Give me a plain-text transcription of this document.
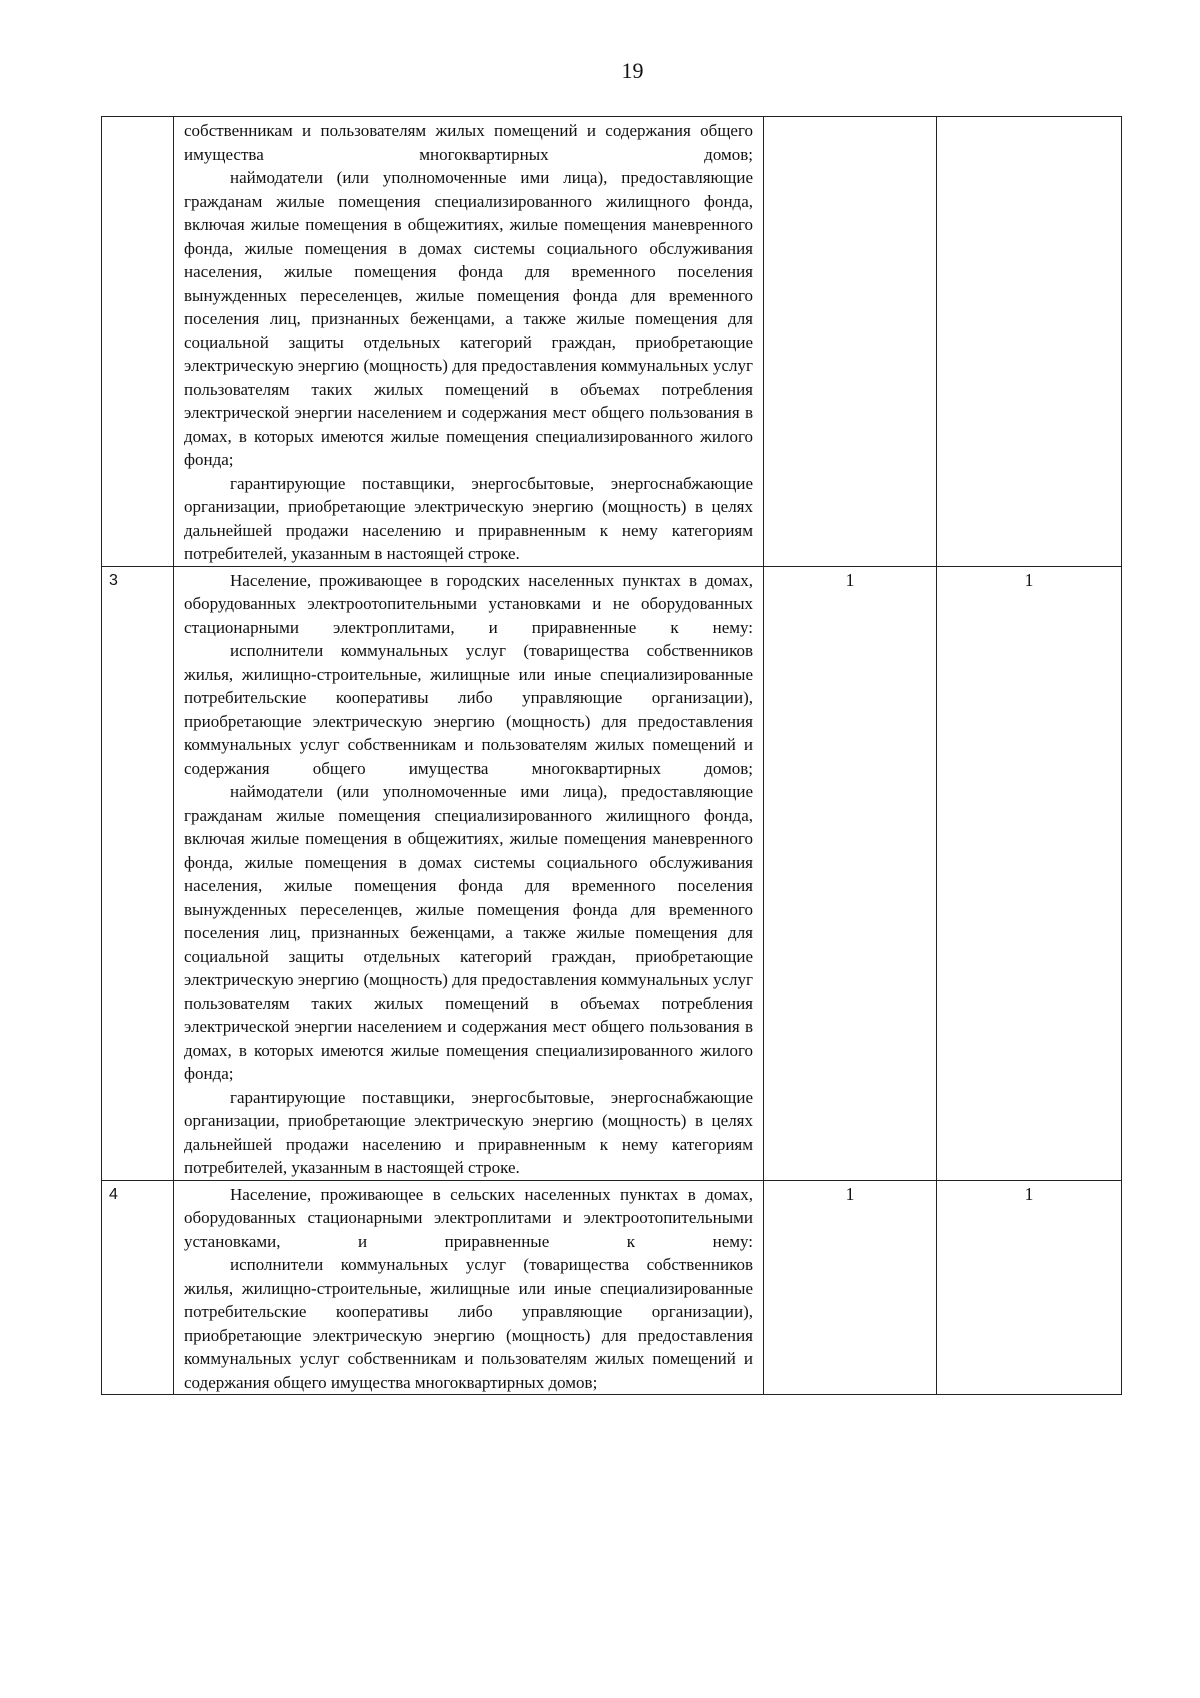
19

	собственникам и пользователям жилых помещений и содержания общего имущества многоквартирных домов;

наймодатели (или уполномоченные ими лица), предоставляющие гражданам жилые помещения специализированного жилищного фонда, включая жилые помещения в общежитиях, жилые помещения маневренного фонда, жилые помещения в домах системы социального обслуживания населения, жилые помещения фонда для временного поселения вынужденных переселенцев, жилые помещения фонда для временного поселения лиц, признанных беженцами, а также жилые помещения для социальной защиты отдельных категорий граждан, приобретающие электрическую энергию (мощность) для предоставления коммунальных услуг пользователям таких жилых помещений в объемах потребления электрической энергии населением и содержания мест общего пользования в домах, в которых имеются жилые помещения специализированного жилого фонда;

гарантирующие поставщики, энергосбытовые, энергоснабжающие организации, приобретающие электрическую энергию (мощность) в целях дальнейшей продажи населению и приравненным к нему категориям потребителей, указанным в настоящей строке.		

3	Население, проживающее в городских населенных пунктах в домах, оборудованных электроотопительными установками и не оборудованных стационарными электроплитами, и приравненные к нему:

исполнители коммунальных услуг (товарищества собственников жилья, жилищно-строительные, жилищные или иные специализированные потребительские кооперативы либо управляющие организации), приобретающие электрическую энергию (мощность) для предоставления коммунальных услуг собственникам и пользователям жилых помещений и содержания общего имущества многоквартирных домов;

наймодатели (или уполномоченные ими лица), предоставляющие гражданам жилые помещения специализированного жилищного фонда, включая жилые помещения в общежитиях, жилые помещения маневренного фонда, жилые помещения в домах системы социального обслуживания населения, жилые помещения фонда для временного поселения вынужденных переселенцев, жилые помещения фонда для временного поселения лиц, признанных беженцами, а также жилые помещения для социальной защиты отдельных категорий граждан, приобретающие электрическую энергию (мощность) для предоставления коммунальных услуг пользователям таких жилых помещений в объемах потребления электрической энергии населением и содержания мест общего пользования в домах, в которых имеются жилые помещения специализированного жилого фонда;

гарантирующие поставщики, энергосбытовые, энергоснабжающие организации, приобретающие электрическую энергию (мощность) в целях дальнейшей продажи населению и приравненным к нему категориям потребителей, указанным в настоящей строке.	1	1
4	Население, проживающее в сельских населенных пунктах в домах, оборудованных стационарными электроплитами и электроотопительными установками, и приравненные к нему:

исполнители коммунальных услуг (товарищества собственников жилья, жилищно-строительные, жилищные или иные специализированные потребительские кооперативы либо управляющие организации), приобретающие электрическую энергию (мощность) для предоставления коммунальных услуг собственникам и пользователям жилых помещений и содержания общего имущества многоквартирных домов;	1	1
